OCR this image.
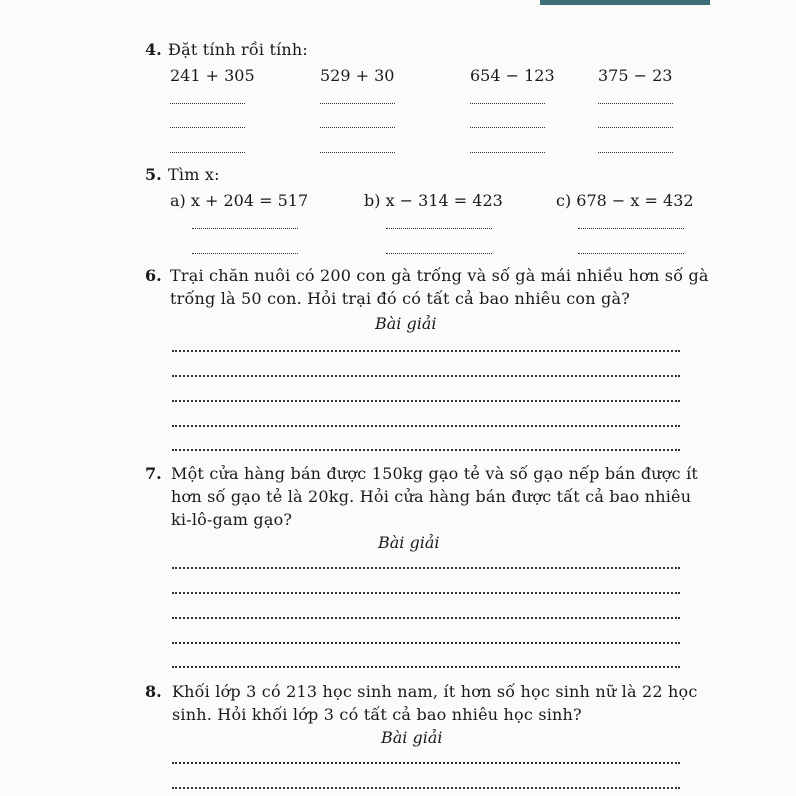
4. Đặt tính rồi tính:
241 + 305	529 + 30	654 − 123	375 − 23
5. Tìm x:
a) x + 204 = 517	b) x − 314 = 423	c) 678 − x = 432
6. Trại chăn nuôi có 200 con gà trống và số gà mái nhiều hơn số gà
trống là 50 con. Hỏi trại đó có tất cả bao nhiêu con gà?
Bài giải
7. Một cửa hàng bán được 150kg gạo tẻ và số gạo nếp bán được ít
hơn số gạo tẻ là 20kg. Hỏi cửa hàng bán được tất cả bao nhiêu
ki-lô-gam gạo?
Bài giải
8. Khối lớp 3 có 213 học sinh nam, ít hơn số học sinh nữ là 22 học
sinh. Hỏi khối lớp 3 có tất cả bao nhiêu học sinh?
Bài giải
